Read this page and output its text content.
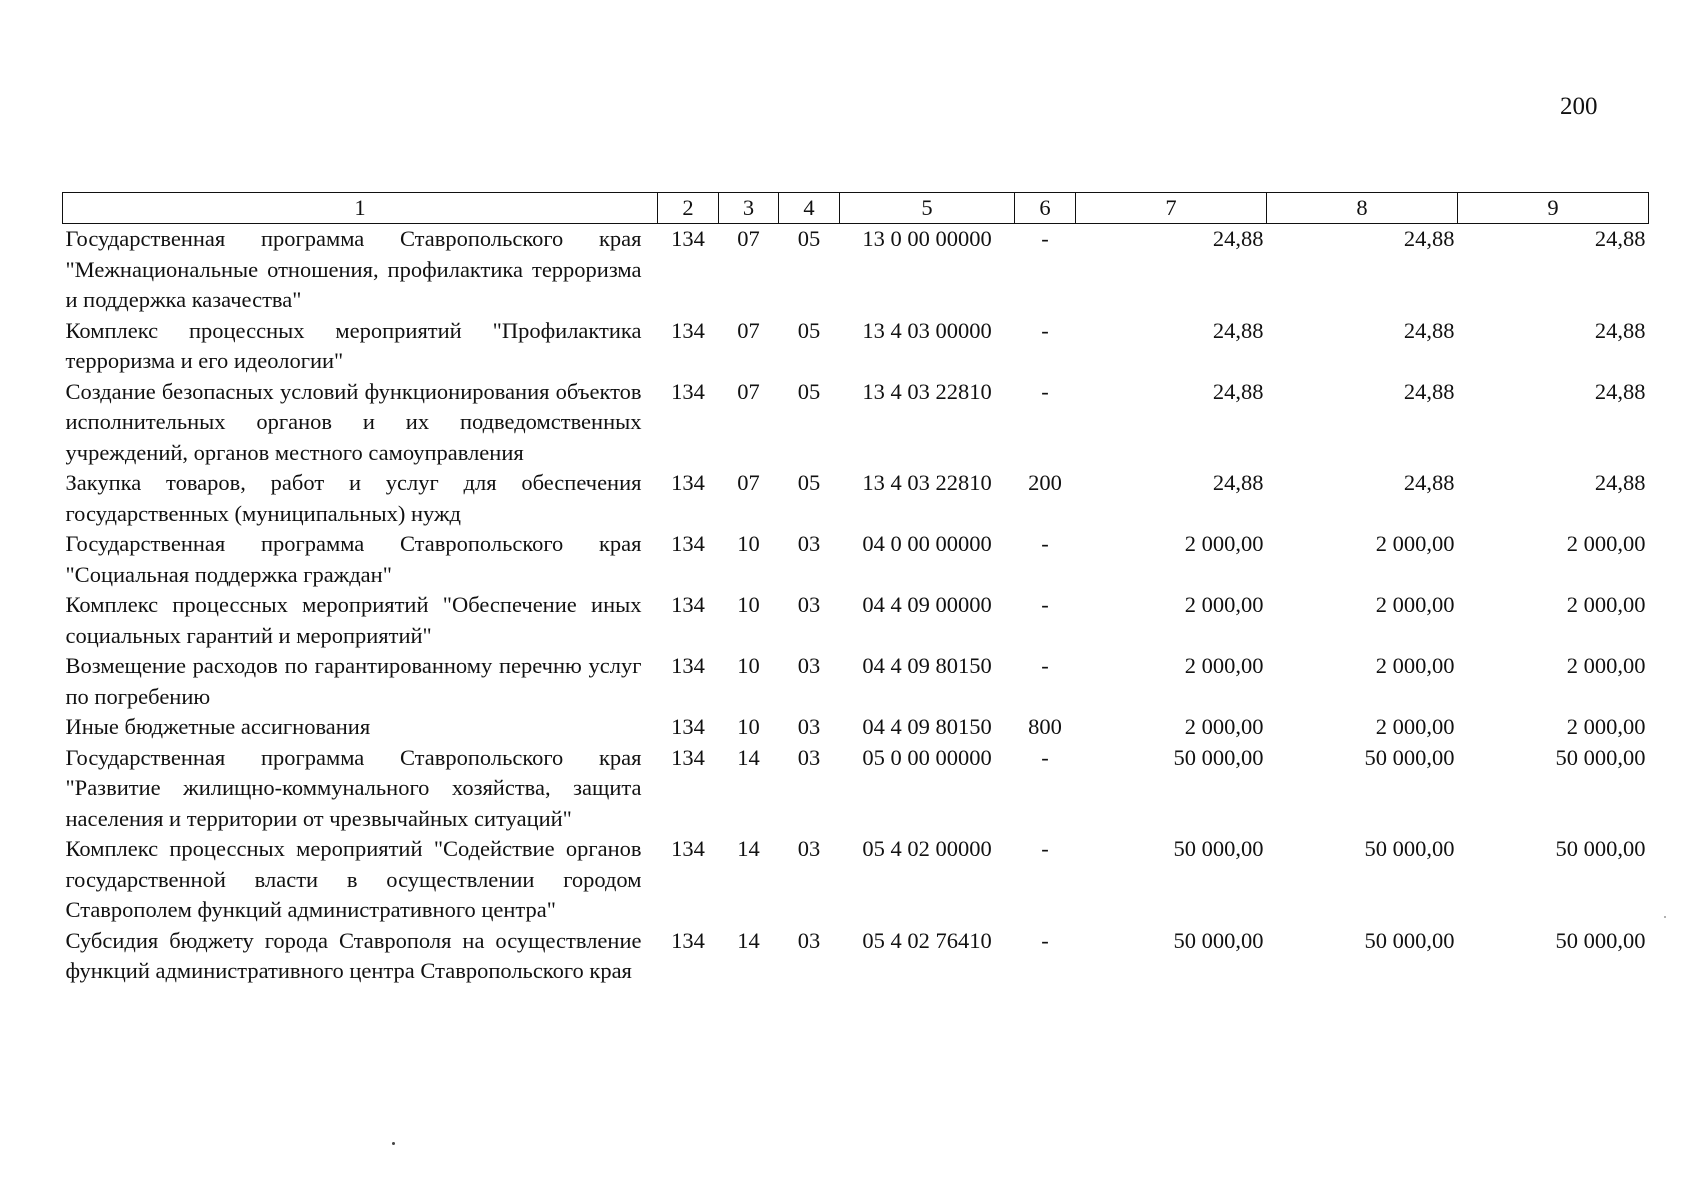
200
1	2	3	4	5	6	7	8	9
Государственная программа Ставропольского края "Межнациональные отношения, профилактика терроризма и поддержка казачества"	134	07	05	13 0 00 00000	-	24,88	24,88	24,88
Комплекс процессных мероприятий "Профилактика терроризма и его идеологии"	134	07	05	13 4 03 00000	-	24,88	24,88	24,88
Создание безопасных условий функционирования объектов исполнительных органов и их подведомственных учреждений, органов местного самоуправления	134	07	05	13 4 03 22810	-	24,88	24,88	24,88
Закупка товаров, работ и услуг для обеспечения государственных (муниципальных) нужд	134	07	05	13 4 03 22810	200	24,88	24,88	24,88
Государственная программа Ставропольского края "Социальная поддержка граждан"	134	10	03	04 0 00 00000	-	2 000,00	2 000,00	2 000,00
Комплекс процессных мероприятий "Обеспечение иных социальных гарантий и мероприятий"	134	10	03	04 4 09 00000	-	2 000,00	2 000,00	2 000,00
Возмещение расходов по гарантированному перечню услуг по погребению	134	10	03	04 4 09 80150	-	2 000,00	2 000,00	2 000,00
Иные бюджетные ассигнования	134	10	03	04 4 09 80150	800	2 000,00	2 000,00	2 000,00
Государственная программа Ставропольского края "Развитие жилищно-коммунального хозяйства, защита населения и территории от чрезвычайных ситуаций"	134	14	03	05 0 00 00000	-	50 000,00	50 000,00	50 000,00
Комплекс процессных мероприятий "Содействие органов государственной власти в осуществлении городом Ставрополем функций административного центра"	134	14	03	05 4 02 00000	-	50 000,00	50 000,00	50 000,00
Субсидия бюджету города Ставрополя на осуществление функций административного центра Ставропольского края	134	14	03	05 4 02 76410	-	50 000,00	50 000,00	50 000,00
